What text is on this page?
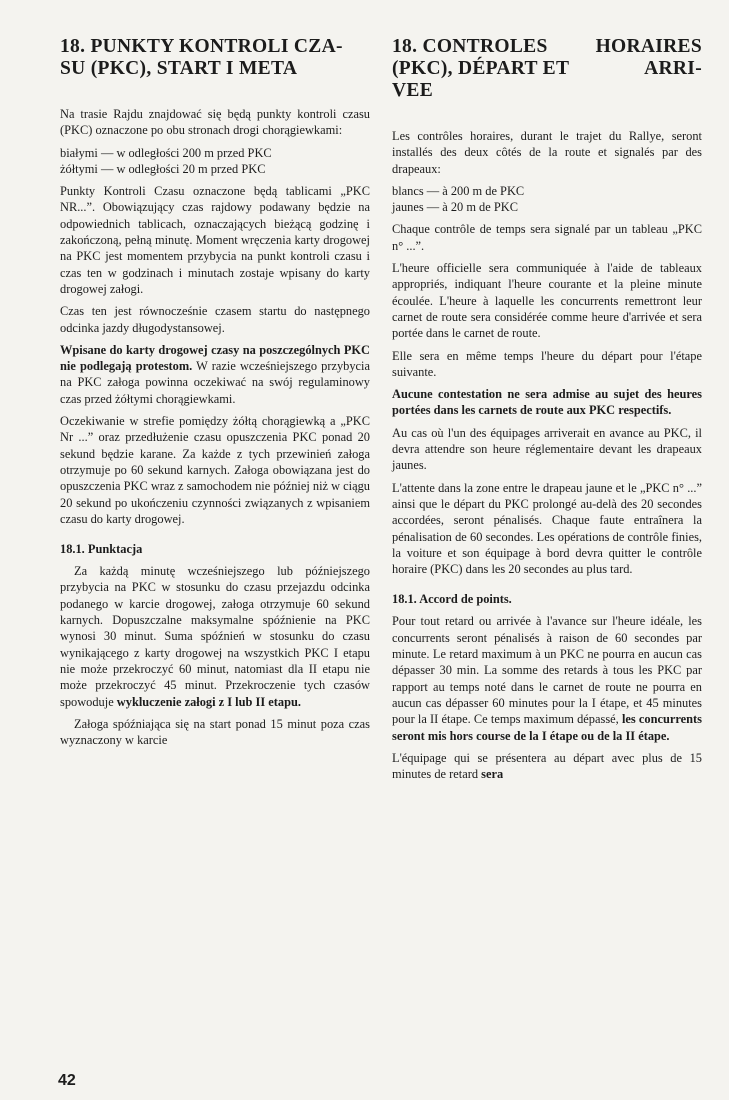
18. PUNKTY KONTROLI CZA-
SU (PKC), START I META

Na trasie Rajdu znajdować się będą punkty kontroli czasu (PKC) oznaczone po obu stronach drogi chorągiewkami:

białymi — w odległości 200 m przed PKC

żółtymi — w odległości 20 m przed PKC

Punkty Kontroli Czasu oznaczone będą tablicami „PKC NR...”. Obowiązujący czas rajdowy podawany będzie na odpowiednich tablicach, oznaczających bieżącą godzinę i zakończoną, pełną minutę. Moment wręczenia karty drogowej na PKC jest momentem przybycia na punkt kontroli czasu i czas ten w godzinach i minutach zostaje wpisany do karty drogowej załogi.

Czas ten jest równocześnie czasem startu do następnego odcinka jazdy długodystansowej.

Wpisane do karty drogowej czasy na poszczególnych PKC nie podlegają protestom. W razie wcześniejszego przybycia na PKC załoga powinna oczekiwać na swój regulaminowy czas przed żółtymi chorągiewkami.

Oczekiwanie w strefie pomiędzy żółtą chorągiewką a „PKC Nr ...” oraz przedłużenie czasu opuszczenia PKC ponad 20 sekund będzie karane. Za każde z tych przewinień załoga otrzymuje po 60 sekund karnych. Załoga obowiązana jest do opuszczenia PKC wraz z samochodem nie później niż w ciągu 20 sekund po ukończeniu czynności związanych z wpisaniem czasu do karty drogowej.

18.1. Punktacja

Za każdą minutę wcześniejszego lub późniejszego przybycia na PKC w stosunku do czasu przejazdu odcinka podanego w karcie drogowej, załoga otrzymuje 60 sekund karnych. Dopuszczalne maksymalne spóźnienie na PKC wynosi 30 minut. Suma spóźnień w stosunku do czasu wynikającego z karty drogowej na wszystkich PKC I etapu nie może przekroczyć 60 minut, natomiast dla II etapu nie może przekroczyć 45 minut. Przekroczenie tych czasów spowoduje wykluczenie załogi z I lub II etapu.

Załoga spóźniająca się na start ponad 15 minut poza czas wyznaczony w karcie

18. CONTROLES HORAIRES
(PKC), DÉPART ET	ARRI-
VEE

Les contrôles horaires, durant le trajet du Rallye, seront installés des deux côtés de la route et signalés par des drapeaux:

blancs — à 200 m de PKC

jaunes — à 20 m de PKC

Chaque contrôle de temps sera signalé par un tableau „PKC n° ...”.

L'heure officielle sera communiquée à l'aide de tableaux appropriés, indiquant l'heure courante et la pleine minute écoulée. L'heure à laquelle les concurrents remettront leur carnet de route sera considérée comme heure d'arrivée et sera portée dans le carnet de route.

Elle sera en même temps l'heure du départ pour l'étape suivante.

Aucune contestation ne sera admise au sujet des heures portées dans les carnets de route aux PKC respectifs.

Au cas où l'un des équipages arriverait en avance au PKC, il devra attendre son heure réglementaire devant les drapeaux jaunes.

L'attente dans la zone entre le drapeau jaune et le „PKC n° ...” ainsi que le départ du PKC prolongé au-delà des 20 secondes accordées, seront pénalisés. Chaque faute entraînera la pénalisation de 60 secondes. Les opérations de contrôle finies, la voiture et son équipage à bord devra quitter le contrôle horaire (PKC) dans les 20 secondes au plus tard.

18.1. Accord de points.

Pour tout retard ou arrivée à l'avance sur l'heure idéale, les concurrents seront pénalisés à raison de 60 secondes par minute. Le retard maximum à un PKC ne pourra en aucun cas dépasser 30 min. La somme des retards à tous les PKC par rapport au temps noté dans le carnet de route ne pourra en aucun cas dépasser 60 minutes pour la I étape, et 45 minutes pour la II étape. Ce temps maximum dépassé, les concurrents seront mis hors course de la I étape ou de la II étape.

L'équipage qui se présentera au départ avec plus de 15 minutes de retard sera

42
